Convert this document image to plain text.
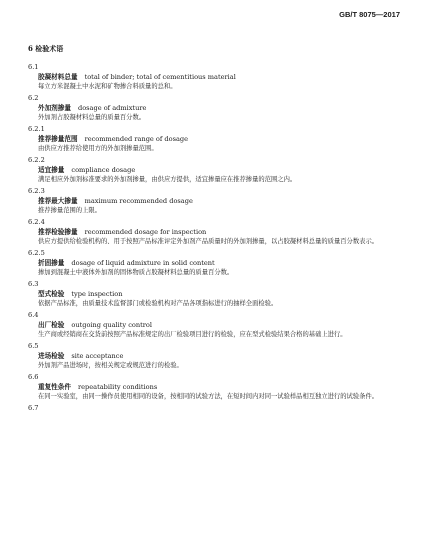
GB/T 8075—2017
6 检验术语
6.1
胶凝材料总量 total of binder; total of cementitious material
每立方米混凝土中水泥和矿物掺合料质量的总和。
6.2
外加剂掺量 dosage of admixture
外加剂占胶凝材料总量的质量百分数。
6.2.1
推荐掺量范围 recommended range of dosage
由供应方推荐给使用方的外加剂掺量范围。
6.2.2
适宜掺量 compliance dosage
满足相应外加剂标准要求的外加剂掺量，由供应方提供，适宜掺量应在推荐掺量的范围之内。
6.2.3
推荐最大掺量 maximum recommended dosage
推荐掺量范围的上限。
6.2.4
推荐检验掺量 recommended dosage for inspection
供应方提供给检验机构的、用于按照产品标准评定外加剂产品质量时的外加剂掺量，以占胶凝材料总量的质量百分数表示。
6.2.5
折固掺量 dosage of liquid admixture in solid content
掺加到混凝土中液体外加剂的固体物质占胶凝材料总量的质量百分数。
6.3
型式检验 type inspection
依据产品标准，由质量技术监督部门或检验机构对产品各项指标进行的抽样全面检验。
6.4
出厂检验 outgoing quality control
生产商或经销商在交货前按照产品标准规定的出厂检验项目进行的检验，应在型式检验结果合格的基础上进行。
6.5
进场检验 site acceptance
外加剂产品进场时，按相关规定或规范进行的检验。
6.6
重复性条件 repeatability conditions
在同一实验室，由同一操作员使用相同的设备，按相同的试验方法，在短时间内对同一试验样品相互独立进行的试验条件。
6.7
